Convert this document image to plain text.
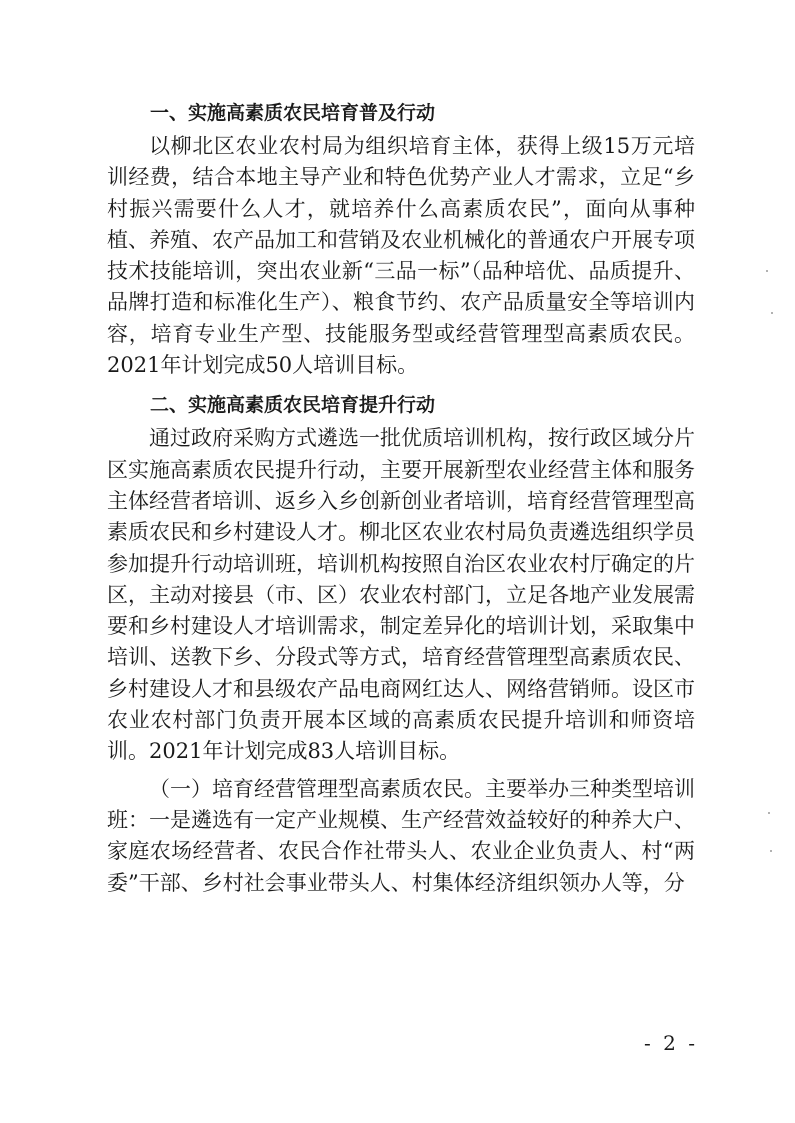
一、实施高素质农民培育普及行动

以柳北区农业农村局为组织培育主体，获得上级15万元培训经费，结合本地主导产业和特色优势产业人才需求，立足“乡村振兴需要什么人才，就培养什么高素质农民”，面向从事种植、养殖、农产品加工和营销及农业机械化的普通农户开展专项技术技能培训，突出农业新“三品一标”（品种培优、品质提升、品牌打造和标准化生产）、粮食节约、农产品质量安全等培训内容，培育专业生产型、技能服务型或经营管理型高素质农民。2021年计划完成50人培训目标。

二、实施高素质农民培育提升行动

通过政府采购方式遴选一批优质培训机构，按行政区域分片区实施高素质农民提升行动，主要开展新型农业经营主体和服务主体经营者培训、返乡入乡创新创业者培训，培育经营管理型高素质农民和乡村建设人才。柳北区农业农村局负责遴选组织学员参加提升行动培训班，培训机构按照自治区农业农村厅确定的片区，主动对接县（市、区）农业农村部门，立足各地产业发展需要和乡村建设人才培训需求，制定差异化的培训计划，采取集中培训、送教下乡、分段式等方式，培育经营管理型高素质农民、乡村建设人才和县级农产品电商网红达人、网络营销师。设区市农业农村部门负责开展本区域的高素质农民提升培训和师资培训。2021年计划完成83人培训目标。

（一）培育经营管理型高素质农民。主要举办三种类型培训班：一是遴选有一定产业规模、生产经营效益较好的种养大户、家庭农场经营者、农民合作社带头人、农业企业负责人、村“两委”干部、乡村社会事业带头人、村集体经济组织领办人等，分

- 2 -
